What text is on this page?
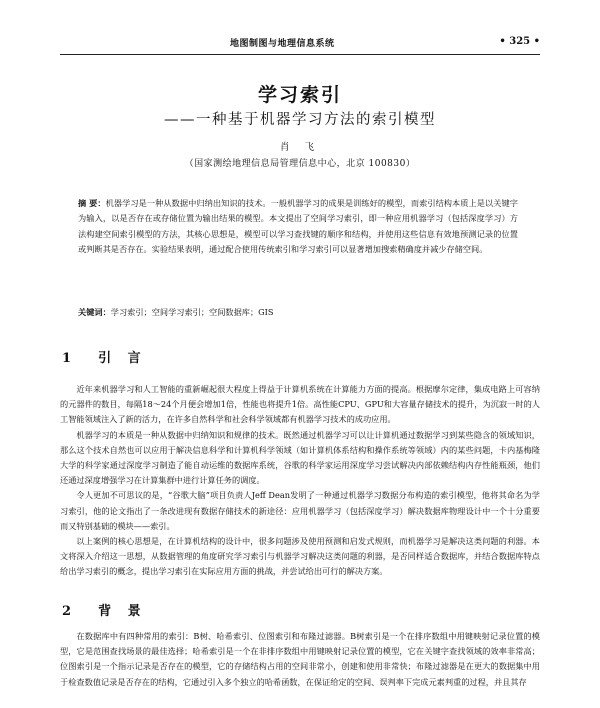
地图制图与地理信息系统	• 325 •
学习索引
——一种基于机器学习方法的索引模型
肖 飞
（国家测绘地理信息局管理信息中心，北京 100830）
摘 要：机器学习是一种从数据中归纳出知识的技术。一般机器学习的成果是训练好的模型，而索引结构本质上是以关键字为输入，以是否存在或存储位置为输出结果的模型。本文提出了空间学习索引，即一种应用机器学习（包括深度学习）方法构建空间索引模型的方法，其核心思想是，模型可以学习查找键的顺序和结构，并使用这些信息有效地预测记录的位置或判断其是否存在。实验结果表明，通过配合使用传统索引和学习索引可以显著增加搜索精确度并减少存储空间。
关键词：学习索引；空间学习索引；空间数据库；GIS
1 引 言

近年来机器学习和人工智能的重新崛起很大程度上得益于计算机系统在计算能力方面的提高。根据摩尔定律，集成电路上可容纳的元器件的数目，每隔18～24个月便会增加1倍，性能也将提升1倍。高性能CPU、GPU和大容量存储技术的提升，为沉寂一时的人工智能领域注入了新的活力，在许多自然科学和社会科学领域都有机器学习技术的成功应用。

机器学习的本质是一种从数据中归纳知识和规律的技术。既然通过机器学习可以让计算机通过数据学习到某些隐含的领域知识，那么这个技术自然也可以应用于解决信息科学和计算机科学领域（如计算机体系结构和操作系统等领域）内的某些问题，卡内基梅隆大学的科学家通过深度学习制造了能自动运维的数据库系统，谷歌的科学家运用深度学习尝试解决内部依赖结构内存性能瓶颈，他们还通过深度增强学习在计算集群中进行计算任务的调度。

令人更加不可思议的是，“谷歌大脑”项目负责人Jeff Dean发明了一种通过机器学习数据分布构造的索引模型，他将其命名为学习索引，他的论文指出了一条改进现有数据存储技术的新途径：应用机器学习（包括深度学习）解决数据库物理设计中一个十分重要而又特别基础的模块——索引。

以上案例的核心思想是，在计算机结构的设计中，很多问题涉及使用预测和启发式规则，而机器学习是解决这类问题的利器。本文将深入介绍这一思想，从数据管理的角度研究学习索引与机器学习解决这类问题的利器，是否同样适合数据库，并结合数据库特点给出学习索引的概念，提出学习索引在实际应用方面的挑战，并尝试给出可行的解决方案。

2 背 景

在数据库中有四种常用的索引：B树、哈希索引、位图索引和布隆过滤器。B树索引是一个在排序数组中用键映射记录位置的模型，它是范围查找场景的最佳选择；哈希索引是一个在非排序数组中用键映射记录位置的模型，它在关键字查找领域的效率非常高；位图索引是一个指示记录是否存在的模型，它的存储结构占用的空间非常小，创建和使用非常快；布隆过滤器是在更大的数据集中用于检查数值记录是否存在的结构，它通过引入多个独立的哈希函数，在保证给定的空间、误判率下完成元素判重的过程，并且其存
